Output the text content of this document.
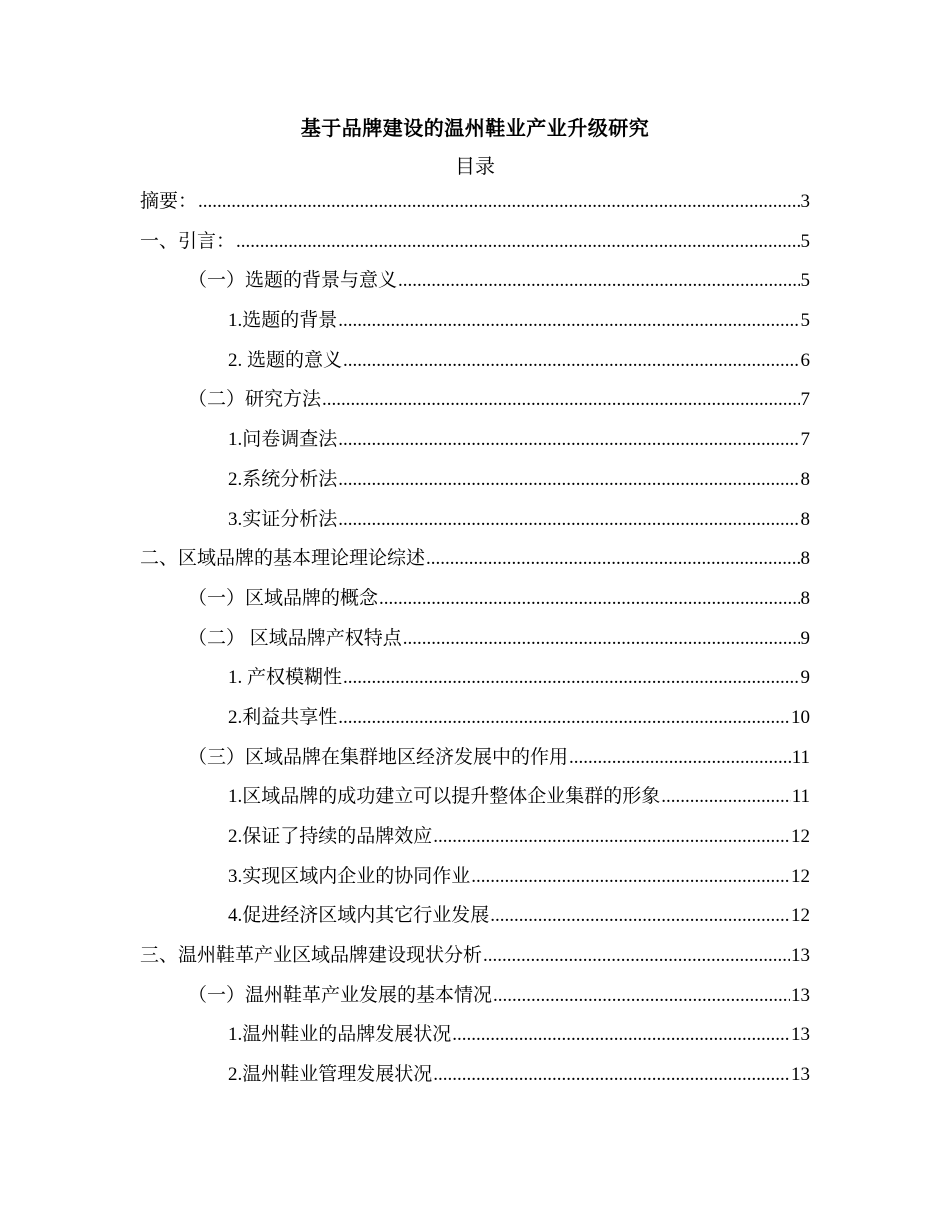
基于品牌建设的温州鞋业产业升级研究
目录
摘要： .....	3
一、引言： .....	5
（一）选题的背景与意义 .....	5
1.选题的背景 .....	5
2. 选题的意义 .....	6
（二）研究方法 .....	7
1.问卷调查法 .....	7
2.系统分析法 .....	8
3.实证分析法 .....	8
二、区域品牌的基本理论理论综述 .....	8
（一）区域品牌的概念 .....	8
（二） 区域品牌产权特点 .....	9
1. 产权模糊性 .....	9
2.利益共享性 .....	10
（三）区域品牌在集群地区经济发展中的作用 .....	11
1.区域品牌的成功建立可以提升整体企业集群的形象 .....	11
2.保证了持续的品牌效应 .....	12
3.实现区域内企业的协同作业 .....	12
4.促进经济区域内其它行业发展 .....	12
三、温州鞋革产业区域品牌建设现状分析 .....	13
（一）温州鞋革产业发展的基本情况 .....	13
1.温州鞋业的品牌发展状况 .....	13
2.温州鞋业管理发展状况 .....	13
